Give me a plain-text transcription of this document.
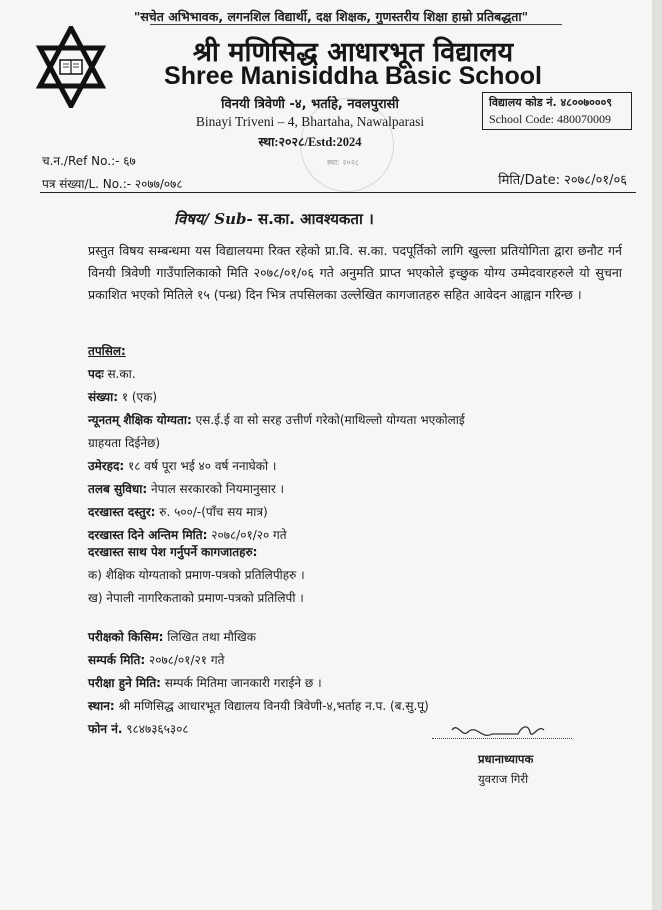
"सचेत अभिभावक, लगनशिल विद्यार्थी, दक्ष शिक्षक, गुणस्तरीय शिक्षा हाम्रो प्रतिबद्धता"
श्री मणिसिद्ध आधारभूत विद्यालय
Shree Manisiddha Basic School
विनयी त्रिवेणी -४, भर्ताहे, नवलपुरासी
Binayi Triveni – 4, Bhartaha, Nawalparasi
स्था:२०२८/Estd:2024
स्था: २०२८
विद्यालय कोड नं. ४८००७०००९
School Code: 480070009
च.न./Ref No.:- ६७
पत्र संख्या/L. No.:- २०७७/०७८	मिति/Date: २०७८/०१/०६
विषय/ Sub- स.का. आवश्यकता ।
प्रस्तुत विषय सम्बन्धमा यस विद्यालयमा रिक्त रहेको प्रा.वि. स.का. पदपूर्तिको लागि खुल्ला प्रतियोगिता द्वारा छनौट गर्न विनयी त्रिवेणी गाउँपालिकाको मिति २०७८/०१/०६ गते अनुमति प्राप्त भएकोले इच्छुक योग्य उम्मेदवारहरुले यो सुचना प्रकाशित भएको मितिले १५ (पन्ध्र) दिन भित्र तपसिलका उल्लेखित कागजातहरु सहित आवेदन आह्वान गरिन्छ ।
तपसिल:
पदः स.का.
संख्या: १ (एक)
न्यूनतम् शैक्षिक योग्यता: एस.ई.ई वा सो सरह उत्तीर्ण गरेको(माथिल्लो योग्यता भएकोलाई
ग्राहयता दिईनेछ)
उमेरहद: १८ वर्ष पूरा भई ४० वर्ष ननाघेको ।
तलब सुविधा: नेपाल सरकारको नियमानुसार ।
दरखास्त दस्तुर: रु. ५००/-(पाँच सय मात्र)
दरखास्त दिने अन्तिम मिति: २०७८/०१/२० गते
दरखास्त साथ पेश गर्नुपर्ने कागजातहरु:
क) शैक्षिक योग्यताको प्रमाण-पत्रको प्रतिलिपीहरु ।
ख) नेपाली नागरिकताको प्रमाण-पत्रको प्रतिलिपी ।
परीक्षको किसिम: लिखित तथा मौखिक
सम्पर्क मिति: २०७८/०१/२१ गते
परीक्षा हुने मिति: सम्पर्क मितिमा जानकारी गराईने छ ।
स्थान: श्री मणिसिद्ध आधारभूत विद्यालय विनयी त्रिवेणी-४,भर्ताह न.प. (ब.सु.पू)
फोन नं. ९८४७३६५३०८
प्रधानाध्यापक
युवराज गिरी
